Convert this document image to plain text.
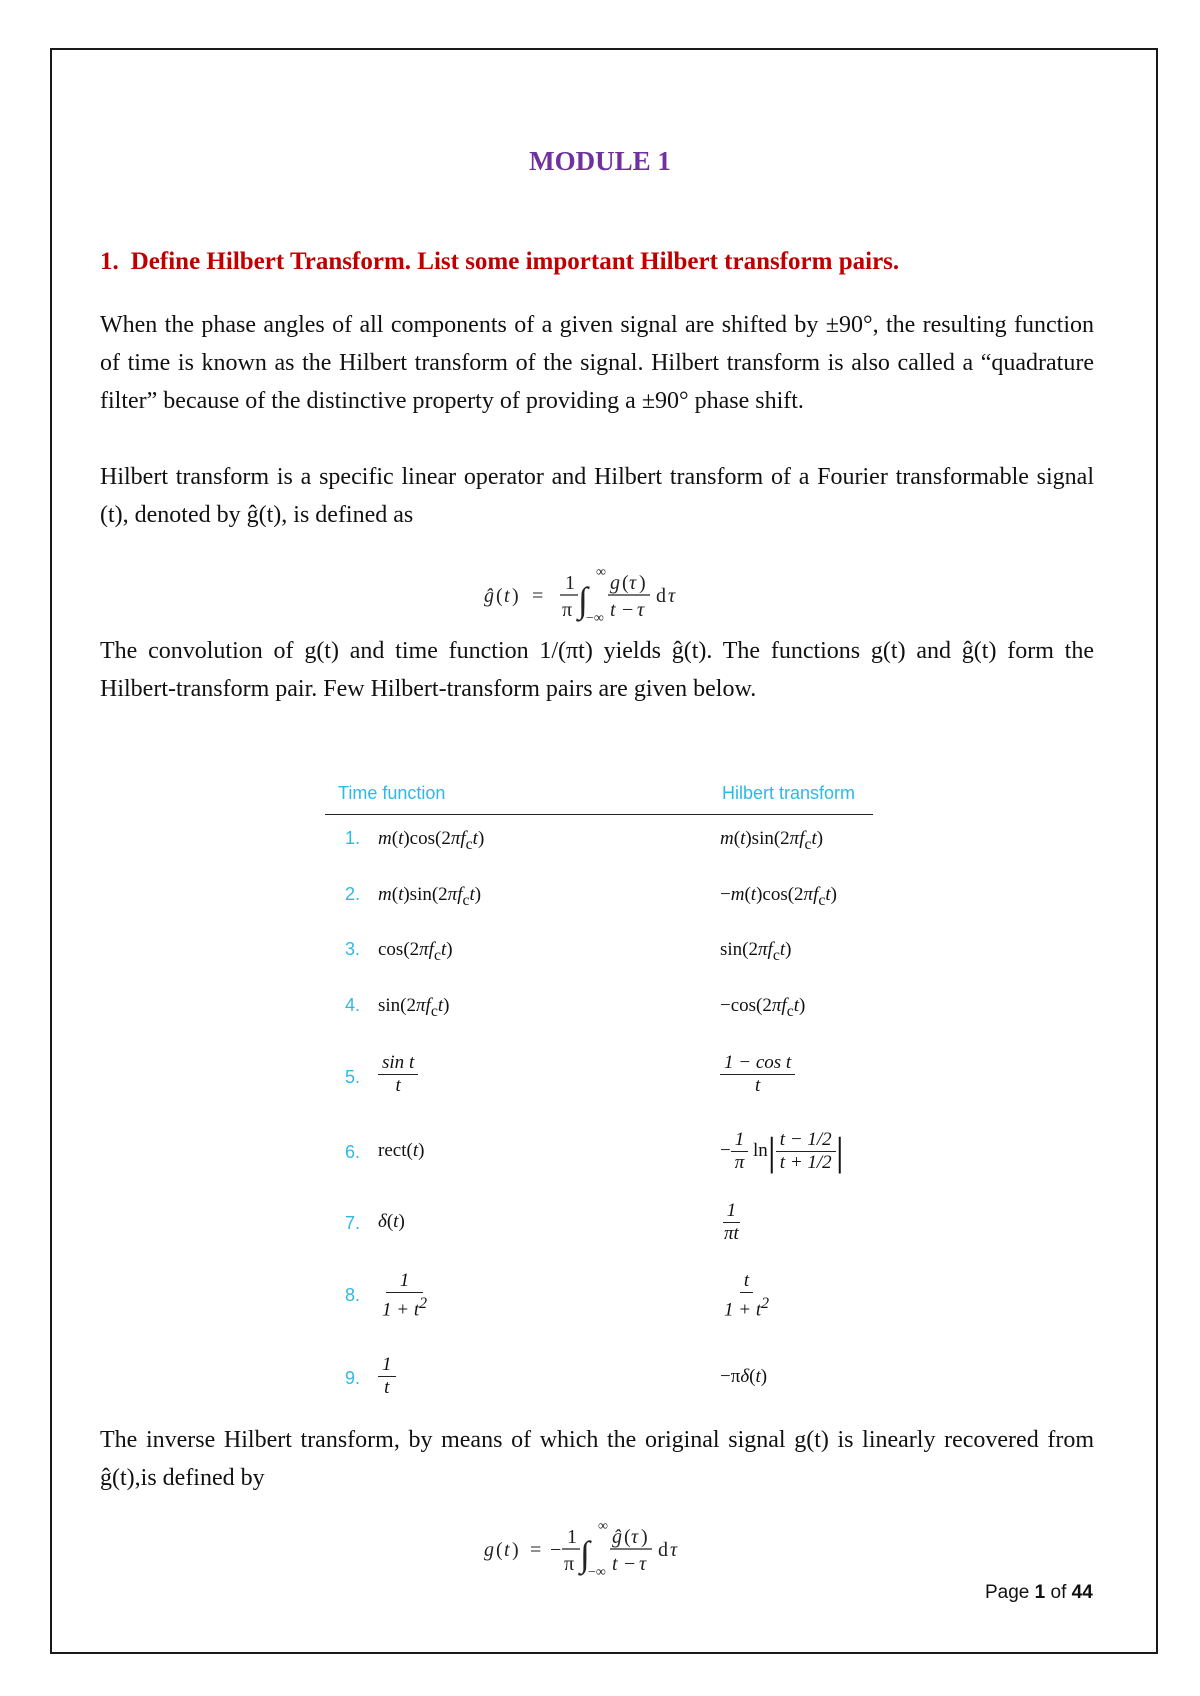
MODULE 1
1. Define Hilbert Transform. List some important Hilbert transform pairs.

When the phase angles of all components of a given signal are shifted by ±90°, the resulting function of time is known as the Hilbert transform of the signal. Hilbert transform is also called a “quadrature filter” because of the distinctive property of providing a ±90° phase shift.

Hilbert transform is a specific linear operator and Hilbert transform of a Fourier transformable signal (t), denoted by ĝ(t), is defined as

ĝ ( t ) =
1
π ∫
∞
−∞
g ( τ )
t − τ
d τ

The convolution of g(t) and time function 1/(πt) yields ĝ(t). The functions g(t) and ĝ(t) form the Hilbert-transform pair. Few Hilbert-transform pairs are given below.

Time function	Hilbert transform
1. $m(t)\cos(2\pi f_ct)$	$m(t)\sin(2\pi f_ct)$
2. $m(t)\sin(2\pi f_ct)$	$-m(t)\cos(2\pi f_ct)$
3. $\cos(2\pi f_ct)$	$\sin(2\pi f_ct)$
4. $\sin(2\pi f_ct)$	$-\cos(2\pi f_ct)$
5. $\frac{\text{sin t}}{t}$	$\frac{\text{1 − cos t}}{t}$
6. rect(t)	− $\frac{1}{\pi} \ln| \frac{t - 1/2}{t + 1/2}$ |
7. δ(t)	$\frac{1}{\pi t}$
8. $\frac{1}{1 + t^2}$	$\frac{t}{1 + t^2}$
9. $\frac{1}{t}$	−πδ(t)

The inverse Hilbert transform, by means of which the original signal g(t) is linearly recovered from ĝ(t),is defined by

g ( t ) = −
1
π ∫
∞
−∞
ĝ ( τ )
t − τ
d τ
Page 1 of 44
